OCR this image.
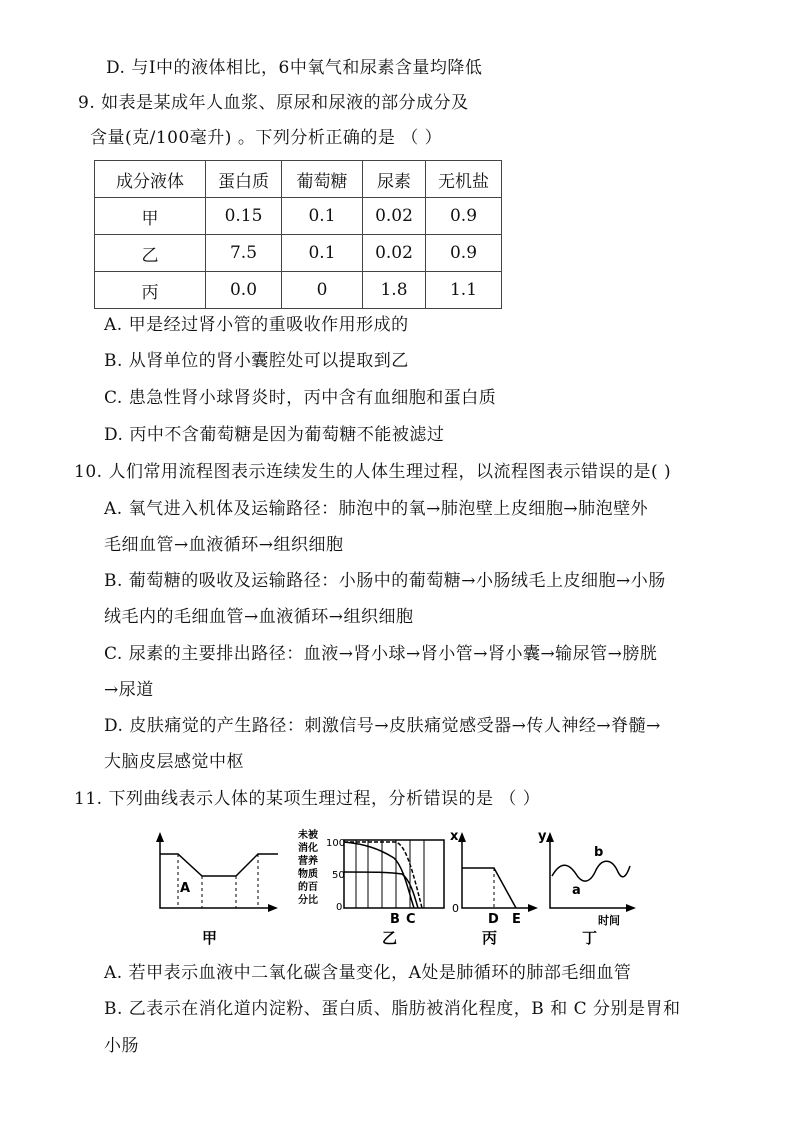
D. 与Ⅰ中的液体相比，6中氧气和尿素含量均降低
9. 如表是某成年人血浆、原尿和尿液的部分成分及
含量(克/100毫升) 。下列分析正确的是 （ ）
成分液体	蛋白质	葡萄糖	尿素	无机盐
甲	0.15	0.1	0.02	0.9
乙	7.5	0.1	0.02	0.9
丙	0.0	0	1.8	1.1
A. 甲是经过肾小管的重吸收作用形成的
B. 从肾单位的肾小囊腔处可以提取到乙
C. 患急性肾小球肾炎时，丙中含有血细胞和蛋白质
D. 丙中不含葡萄糖是因为葡萄糖不能被滤过
10. 人们常用流程图表示连续发生的人体生理过程，以流程图表示错误的是( )
A. 氧气进入机体及运输路径：肺泡中的氧→肺泡壁上皮细胞→肺泡壁外
毛细血管→血液循环→组织细胞
B. 葡萄糖的吸收及运输路径：小肠中的葡萄糖→小肠绒毛上皮细胞→小肠
绒毛内的毛细血管→血液循环→组织细胞
C. 尿素的主要排出路径：血液→肾小球→肾小管→肾小囊→输尿管→膀胱
→尿道
D. 皮肤痛觉的产生路径：刺激信号→皮肤痛觉感受器→传人神经→脊髓→
大脑皮层感觉中枢
11. 下列曲线表示人体的某项生理过程，分析错误的是 （ ）
A
甲
未被 消化 营养 物质 的百 分比
100
50
0
B C
乙
x
0
D E
丙
y
a
b
时间
丁
A. 若甲表示血液中二氧化碳含量变化，A处是肺循环的肺部毛细血管
B. 乙表示在消化道内淀粉、蛋白质、脂肪被消化程度，B 和 C 分别是胃和
小肠
